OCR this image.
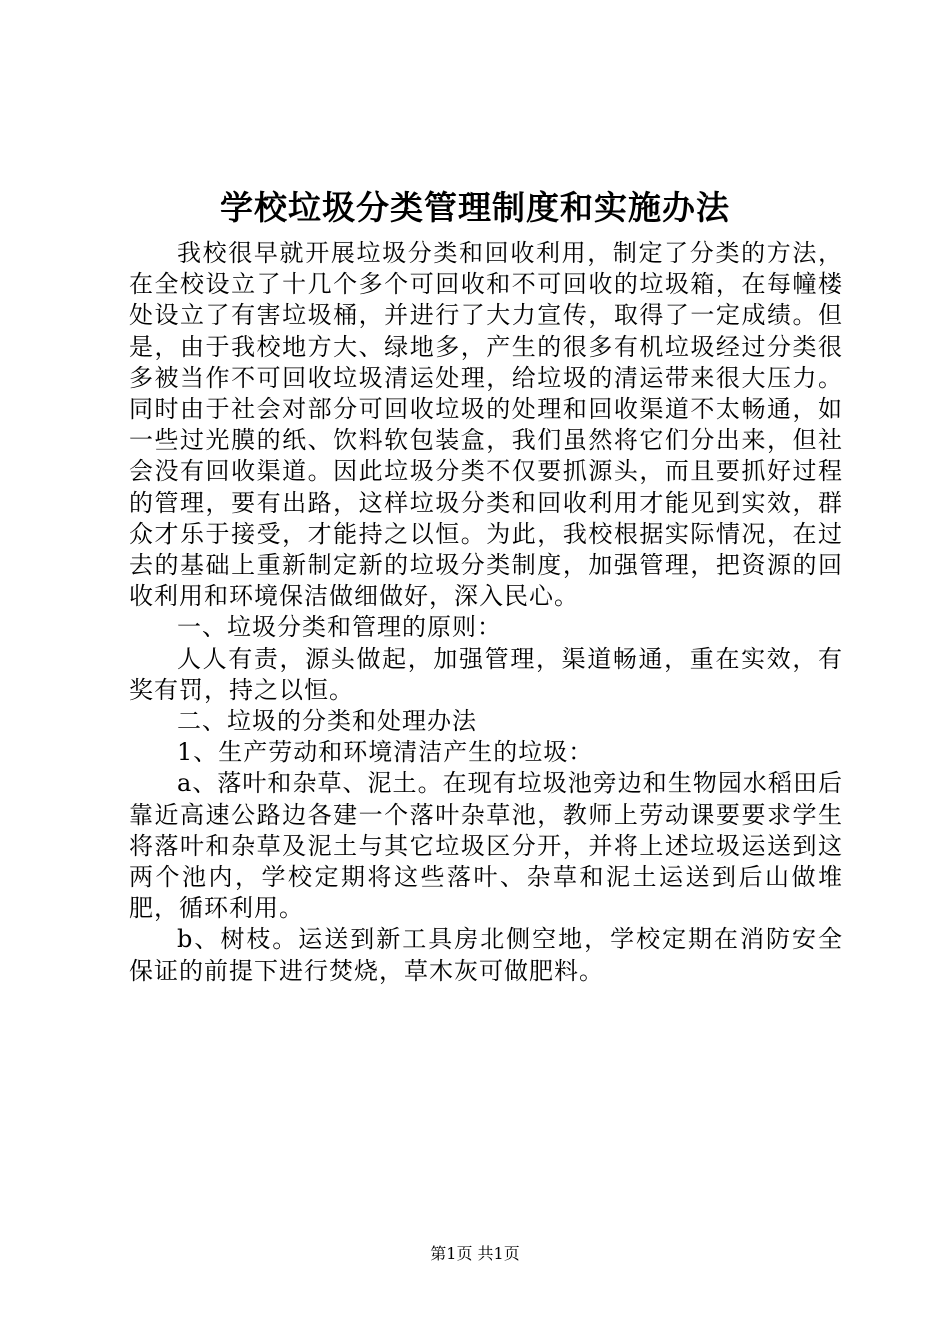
学校垃圾分类管理制度和实施办法

我校很早就开展垃圾分类和回收利用，制定了分类的方法，在全校设立了十几个多个可回收和不可回收的垃圾箱，在每幢楼处设立了有害垃圾桶，并进行了大力宣传，取得了一定成绩。但是，由于我校地方大、绿地多，产生的很多有机垃圾经过分类很多被当作不可回收垃圾清运处理，给垃圾的清运带来很大压力。同时由于社会对部分可回收垃圾的处理和回收渠道不太畅通，如一些过光膜的纸、饮料软包装盒，我们虽然将它们分出来，但社会没有回收渠道。因此垃圾分类不仅要抓源头，而且要抓好过程的管理，要有出路，这样垃圾分类和回收利用才能见到实效，群众才乐于接受，才能持之以恒。为此，我校根据实际情况，在过去的基础上重新制定新的垃圾分类制度，加强管理，把资源的回收利用和环境保洁做细做好，深入民心。

一、垃圾分类和管理的原则：

人人有责，源头做起，加强管理，渠道畅通，重在实效，有奖有罚，持之以恒。

二、垃圾的分类和处理办法

1、生产劳动和环境清洁产生的垃圾：

a、落叶和杂草、泥土。在现有垃圾池旁边和生物园水稻田后靠近高速公路边各建一个落叶杂草池，教师上劳动课要要求学生将落叶和杂草及泥土与其它垃圾区分开，并将上述垃圾运送到这两个池内，学校定期将这些落叶、杂草和泥土运送到后山做堆肥，循环利用。

b、树枝。运送到新工具房北侧空地，学校定期在消防安全保证的前提下进行焚烧，草木灰可做肥料。

第1页 共1页
